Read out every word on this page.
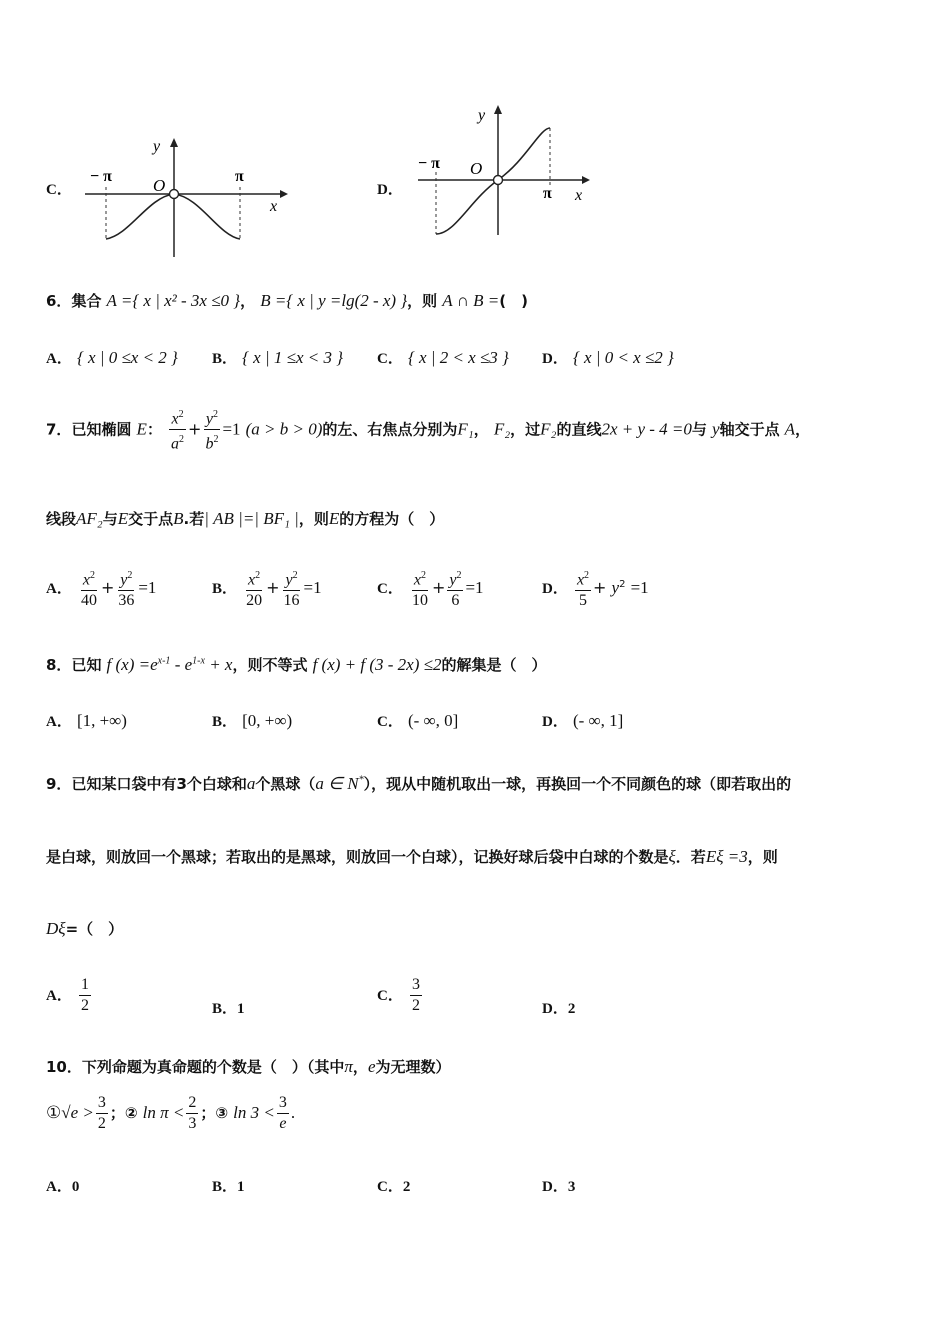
C．
− π O	π
x
y
D．
− π O
π x
y
6．集合 A ={ x | x² - 3x ≤0 }， B ={ x | y =lg(2 - x) }，则 A ∩ B =(　)
A． { x | 0 ≤x < 2 } B． { x | 1 ≤x < 3 } C． { x | 2 < x ≤3 } D． { x | 0 < x ≤2 }
7．已知椭圆 E： $\frac{x^2}{a^2} + \frac{y^2}{b^2} =1$ (a > b > 0)的左、右焦点分别为F₁， F₂，过F₂的直线2x + y - 4 =0与 y轴交于点 A，
线段AF₂与E交于点B.若| AB |=| BF₁ |，则E的方程为（　）
A． $\frac{x^2}{40} + \frac{y^2}{36} =1$	B． $\frac{x^2}{20} + \frac{y^2}{16} =1$	C． $\frac{x^2}{10} + \frac{y^2}{6} =1$	D． $\frac{x^2}{5} + y^2 =1$
8．已知 f $(x) =e^{x-1} - e^{1-x} + x$，则不等式 f (x) + f (3 - 2x) ≤2的解集是（　）
A． [1, +∞)	B． [0, +∞)	C． (- ∞, 0]	D． (- ∞, 1]
9．已知某口袋中有3个白球和a个黑球（a ∈ N*），现从中随机取出一球，再换回一个不同颜色的球（即若取出的
是白球，则放回一个黑球；若取出的是黑球，则放回一个白球），记换好球后袋中白球的个数是ξ．若Eξ =3，则
Dξ=（　）
A． $\frac{1}{2}$	B．1
C． $\frac{3}{2}$	D．2
10．下列命题为真命题的个数是（　）（其中π，e为无理数）
①√e > $\frac{3}{2}$ ；② $\ln \pi < \frac{2}{3}$ ；③ $\ln 3 < \frac{3}{e}$ .
A．0	B．1	C．2	D．3
